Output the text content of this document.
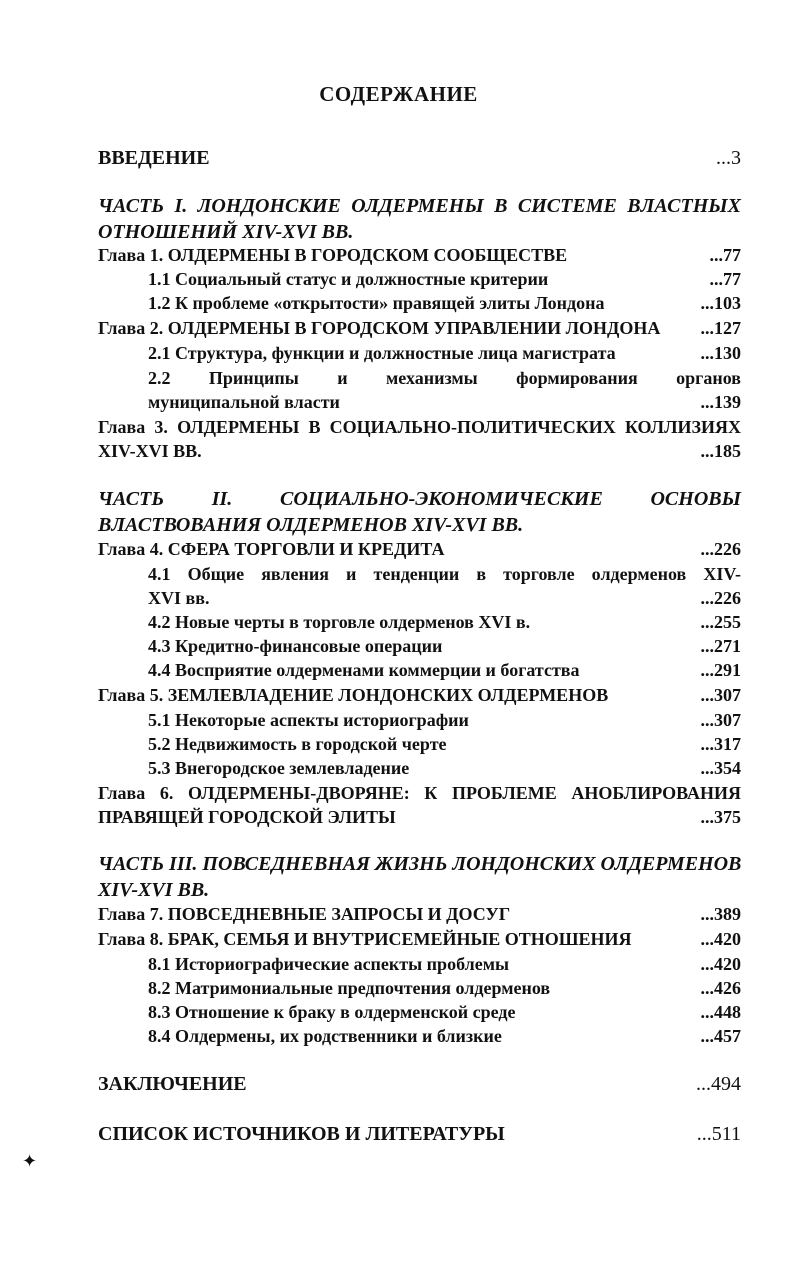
СОДЕРЖАНИЕ
ВВЕДЕНИЕ	...3
ЧАСТЬ I. ЛОНДОНСКИЕ ОЛДЕРМЕНЫ В СИСТЕМЕ ВЛАСТНЫХ
ОТНОШЕНИЙ XIV-XVI ВВ.
Глава 1. ОЛДЕРМЕНЫ В ГОРОДСКОМ СООБЩЕСТВЕ	...77
1.1 Социальный статус и должностные критерии	...77
1.2 К проблеме «открытости» правящей элиты Лондона	...103
Глава 2. ОЛДЕРМЕНЫ В ГОРОДСКОМ УПРАВЛЕНИИ ЛОНДОНА ...127
2.1 Структура, функции и должностные лица магистрата	...130
2.2 Принципы и механизмы формирования органов
муниципальной власти	...139
Глава 3. ОЛДЕРМЕНЫ В СОЦИАЛЬНО-ПОЛИТИЧЕСКИХ КОЛЛИЗИЯХ
XIV-XVI ВВ.	...185
ЧАСТЬ II. СОЦИАЛЬНО-ЭКОНОМИЧЕСКИЕ ОСНОВЫ
ВЛАСТВОВАНИЯ ОЛДЕРМЕНОВ XIV-XVI ВВ.
Глава 4. СФЕРА ТОРГОВЛИ И КРЕДИТА	...226
4.1 Общие явления и тенденции в торговле олдерменов XIV-
XVI вв.	...226
4.2 Новые черты в торговле олдерменов XVI в.	...255
4.3 Кредитно-финансовые операции	...271
4.4 Восприятие олдерменами коммерции и богатства	...291
Глава 5. ЗЕМЛЕВЛАДЕНИЕ ЛОНДОНСКИХ ОЛДЕРМЕНОВ	...307
5.1 Некоторые аспекты историографии	...307
5.2 Недвижимость в городской черте	...317
5.3 Внегородское землевладение	...354
Глава 6. ОЛДЕРМЕНЫ-ДВОРЯНЕ: К ПРОБЛЕМЕ АНОБЛИРОВАНИЯ
ПРАВЯЩЕЙ ГОРОДСКОЙ ЭЛИТЫ	...375
ЧАСТЬ III. ПОВСЕДНЕВНАЯ ЖИЗНЬ ЛОНДОНСКИХ ОЛДЕРМЕНОВ
XIV-XVI ВВ.
Глава 7. ПОВСЕДНЕВНЫЕ ЗАПРОСЫ И ДОСУГ	...389
Глава 8. БРАК, СЕМЬЯ И ВНУТРИСЕМЕЙНЫЕ ОТНОШЕНИЯ	...420
8.1 Историографические аспекты проблемы	...420
8.2 Матримониальные предпочтения олдерменов	...426
8.3 Отношение к браку в олдерменской среде	...448
8.4 Олдермены, их родственники и близкие	...457
ЗАКЛЮЧЕНИЕ	...494
СПИСОК ИСТОЧНИКОВ И ЛИТЕРАТУРЫ	...511
✦
